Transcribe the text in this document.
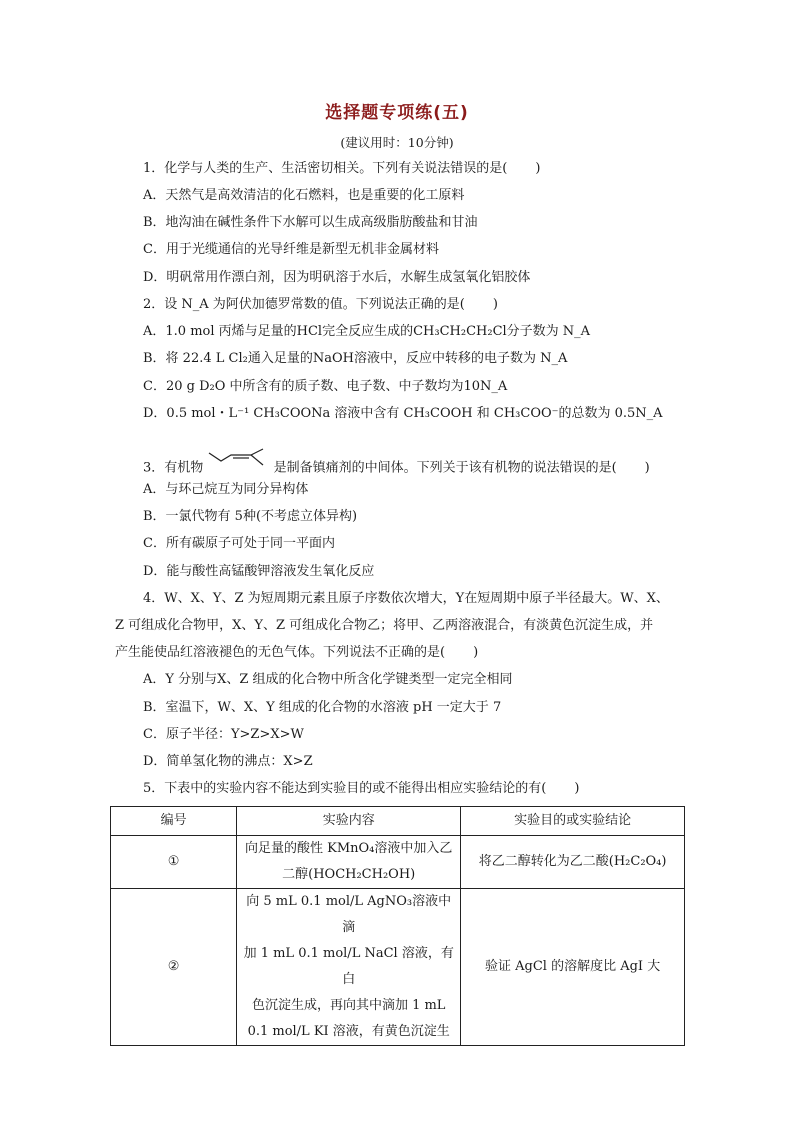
选择题专项练(五)
(建议用时：10分钟)
1．化学与人类的生产、生活密切相关。下列有关说法错误的是( )
A．天然气是高效清洁的化石燃料，也是重要的化工原料
B．地沟油在碱性条件下水解可以生成高级脂肪酸盐和甘油
C．用于光缆通信的光导纤维是新型无机非金属材料
D．明矾常用作漂白剂，因为明矾溶于水后，水解生成氢氧化铝胶体
2．设 N_A 为阿伏加德罗常数的值。下列说法正确的是( )
A．1.0 mol 丙烯与足量的HCl完全反应生成的CH₃CH₂CH₂Cl分子数为 N_A
B．将 22.4 L Cl₂通入足量的NaOH溶液中，反应中转移的电子数为 N_A
C．20 g D₂O 中所含有的质子数、电子数、中子数均为10N_A
D．0.5 mol・L⁻¹ CH₃COONa 溶液中含有 CH₃COOH 和 CH₃COO⁻的总数为 0.5N_A
3．有机物	是制备镇痛剂的中间体。下列关于该有机物的说法错误的是( )
A．与环己烷互为同分异构体
B．一氯代物有 5种(不考虑立体异构)
C．所有碳原子可处于同一平面内
D．能与酸性高锰酸钾溶液发生氧化反应
4．W、X、Y、Z 为短周期元素且原子序数依次增大，Y在短周期中原子半径最大。W、X、
Z 可组成化合物甲，X、Y、Z 可组成化合物乙；将甲、乙两溶液混合，有淡黄色沉淀生成，并
产生能使品红溶液褪色的无色气体。下列说法不正确的是( )
A．Y 分别与X、Z 组成的化合物中所含化学键类型一定完全相同
B．室温下，W、X、Y 组成的化合物的水溶液 pH 一定大于 7
C．原子半径：Y>Z>X>W
D．简单氢化物的沸点：X>Z
5．下表中的实验内容不能达到实验目的或不能得出相应实验结论的有( )
编号	实验内容	实验目的或实验结论
①	向足量的酸性 KMnO₄溶液中加入乙
二醇(HOCH₂CH₂OH)	将乙二醇转化为乙二酸(H₂C₂O₄)
②	向 5 mL 0.1 mol/L AgNO₃溶液中滴
加 1 mL 0.1 mol/L NaCl 溶液，有白
色沉淀生成，再向其中滴加 1 mL
0.1 mol/L KI 溶液，有黄色沉淀生	验证 AgCl 的溶解度比 AgI 大
